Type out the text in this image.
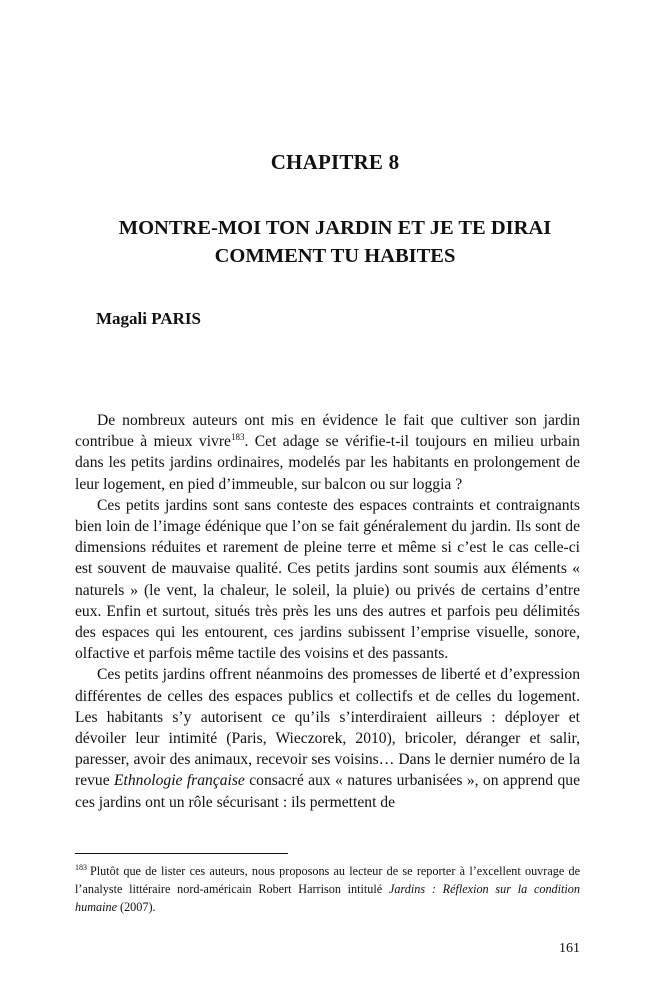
CHAPITRE 8
MONTRE-MOI TON JARDIN ET JE TE DIRAI
COMMENT TU HABITES
Magali PARIS

De nombreux auteurs ont mis en évidence le fait que cultiver son jardin contribue à mieux vivre$^{183}$. Cet adage se vérifie-t-il toujours en milieu urbain dans les petits jardins ordinaires, modelés par les habitants en prolongement de leur logement, en pied d’immeuble, sur balcon ou sur loggia ?

Ces petits jardins sont sans conteste des espaces contraints et contraignants bien loin de l’image édénique que l’on se fait généralement du jardin. Ils sont de dimensions réduites et rarement de pleine terre et même si c’est le cas celle-ci est souvent de mauvaise qualité. Ces petits jardins sont soumis aux éléments « naturels » (le vent, la chaleur, le soleil, la pluie) ou privés de certains d’entre eux. Enfin et surtout, situés très près les uns des autres et parfois peu délimités des espaces qui les entourent, ces jardins subissent l’emprise visuelle, sonore, olfactive et parfois même tactile des voisins et des passants.

Ces petits jardins offrent néanmoins des promesses de liberté et d’expression différentes de celles des espaces publics et collectifs et de celles du logement. Les habitants s’y autorisent ce qu’ils s’interdiraient ailleurs : déployer et dévoiler leur intimité (Paris, Wieczorek, 2010), bricoler, déranger et salir, paresser, avoir des animaux, recevoir ses voisins… Dans le dernier numéro de la revue Ethnologie française consacré aux « natures urbanisées », on apprend que ces jardins ont un rôle sécurisant : ils permettent de

$^{183}$ Plutôt que de lister ces auteurs, nous proposons au lecteur de se reporter à l’excellent ouvrage de l’analyste littéraire nord-américain Robert Harrison intitulé Jardins : Réflexion sur la condition humaine (2007).
161
